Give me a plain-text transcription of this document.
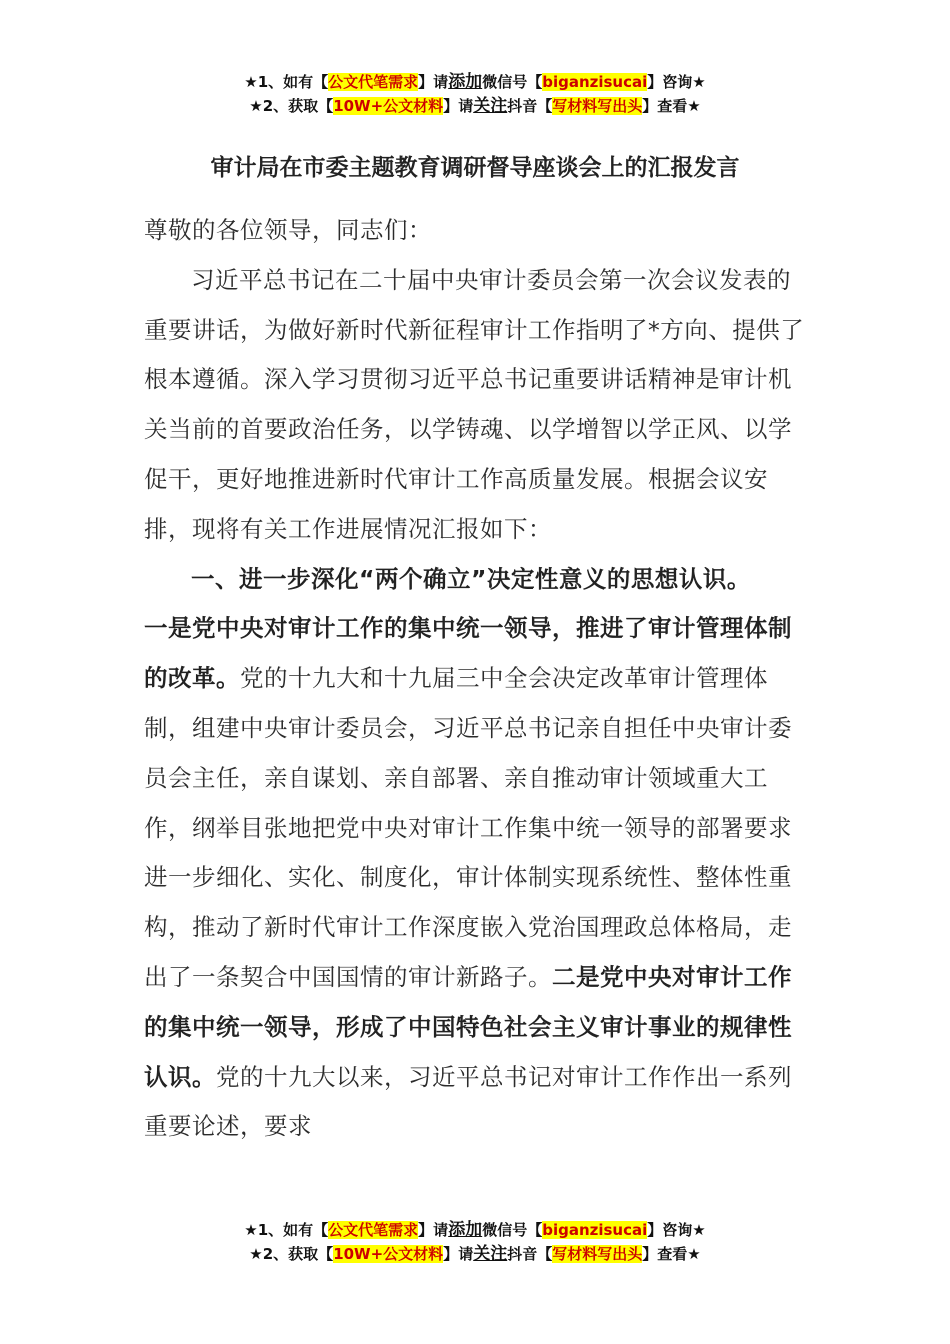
★1、如有【公文代笔需求】请添加微信号【biganzisucai】咨询★
★2、获取【10W+公文材料】请关注抖音【写材料写出头】查看★
审计局在市委主题教育调研督导座谈会上的汇报发言

尊敬的各位领导，同志们：

习近平总书记在二十届中央审计委员会第一次会议发表的重要讲话，为做好新时代新征程审计工作指明了*方向、提供了根本遵循。深入学习贯彻习近平总书记重要讲话精神是审计机关当前的首要政治任务，以学铸魂、以学增智以学正风、以学促干，更好地推进新时代审计工作高质量发展。根据会议安排，现将有关工作进展情况汇报如下：

一、进一步深化“两个确立”决定性意义的思想认识。

一是党中央对审计工作的集中统一领导，推进了审计管理体制的改革。党的十九大和十九届三中全会决定改革审计管理体制，组建中央审计委员会，习近平总书记亲自担任中央审计委员会主任，亲自谋划、亲自部署、亲自推动审计领域重大工作，纲举目张地把党中央对审计工作集中统一领导的部署要求进一步细化、实化、制度化，审计体制实现系统性、整体性重构，推动了新时代审计工作深度嵌入党治国理政总体格局，走出了一条契合中国国情的审计新路子。二是党中央对审计工作的集中统一领导，形成了中国特色社会主义审计事业的规律性认识。党的十九大以来，习近平总书记对审计工作作出一系列重要论述，要求

★1、如有【公文代笔需求】请添加微信号【biganzisucai】咨询★
★2、获取【10W+公文材料】请关注抖音【写材料写出头】查看★
